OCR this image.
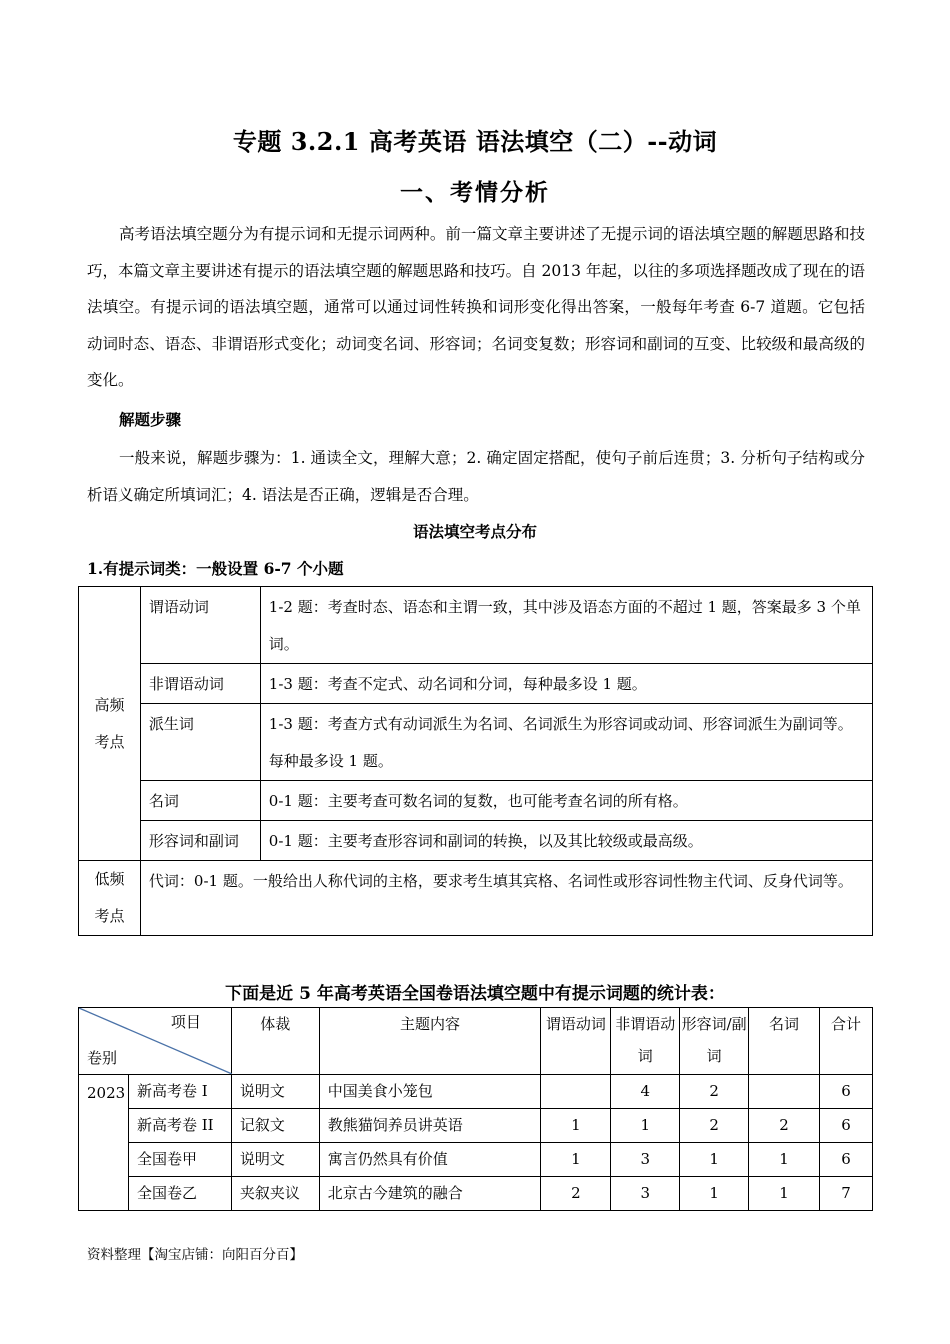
专题 3.2.1 高考英语 语法填空（二）--动词
一、考情分析
高考语法填空题分为有提示词和无提示词两种。前一篇文章主要讲述了无提示词的语法填空题的解题思路和技巧，本篇文章主要讲述有提示的语法填空题的解题思路和技巧。自 2013 年起，以往的多项选择题改成了现在的语法填空。有提示词的语法填空题，通常可以通过词性转换和词形变化得出答案，一般每年考查 6-7 道题。它包括动词时态、语态、非谓语形式变化；动词变名词、形容词；名词变复数；形容词和副词的互变、比较级和最高级的变化。
解题步骤
一般来说，解题步骤为：1. 通读全文，理解大意；2. 确定固定搭配，使句子前后连贯；3. 分析句子结构或分析语义确定所填词汇；4. 语法是否正确，逻辑是否合理。
语法填空考点分布
1.有提示词类：一般设置 6-7 个小题
高频
考点	谓语动词	1-2 题：考查时态、语态和主谓一致，其中涉及语态方面的不超过 1 题，答案最多 3 个单词。
	非谓语动词	1-3 题：考查不定式、动名词和分词，每种最多设 1 题。
	派生词	1-3 题：考查方式有动词派生为名词、名词派生为形容词或动词、形容词派生为副词等。每种最多设 1 题。
	名词	0-1 题：主要考查可数名词的复数，也可能考查名词的所有格。
	形容词和副词	0-1 题：主要考查形容词和副词的转换，以及其比较级或最高级。

低频
考点	代词：0-1 题。一般给出人称代词的主格，要求考生填其宾格、名词性或形容词性物主代词、反身代词等。	
下面是近 5 年高考英语全国卷语法填空题中有提示词题的统计表：
项目
卷别		体裁	主题内容	谓语动词	非谓语动词	形容词/副词	名词	合计
2023	新高考卷 I	说明文	中国美食小笼包		4	2		6
	新高考卷 II	记叙文	教熊猫饲养员讲英语	1	1	2	2	6
	全国卷甲	说明文	寓言仍然具有价值	1	3	1	1	6
	全国卷乙	夹叙夹议	北京古今建筑的融合	2	3	1	1	7
资料整理【淘宝店铺：向阳百分百】
